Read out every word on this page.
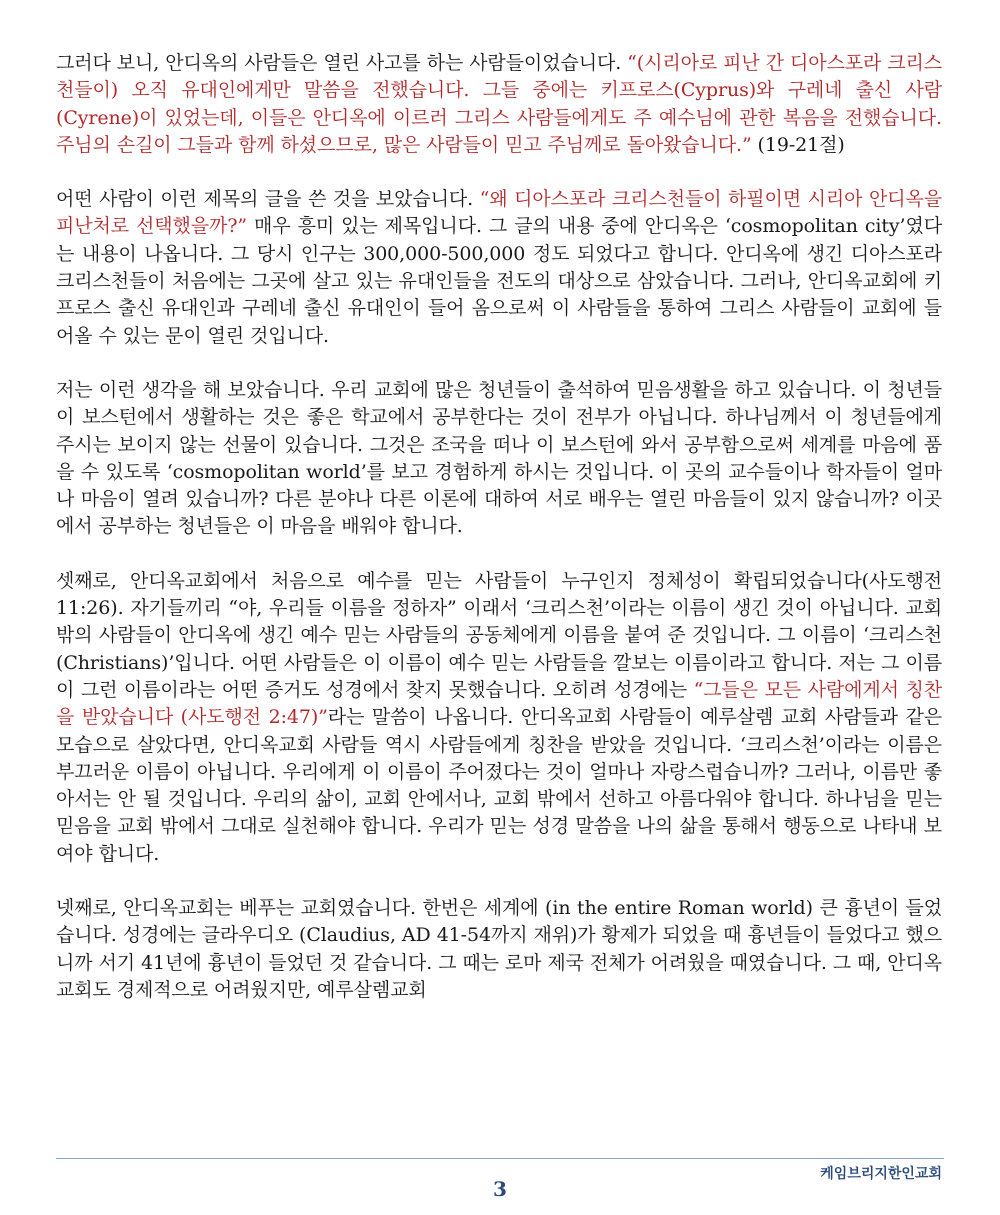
그러다 보니, 안디옥의 사람들은 열린 사고를 하는 사람들이었습니다. “(시리아로 피난 간 디아스포라 크리스천들이) 오직 유대인에게만 말씀을 전했습니다. 그들 중에는 키프로스(Cyprus)와 구레네 출신 사람 (Cyrene)이 있었는데, 이들은 안디옥에 이르러 그리스 사람들에게도 주 예수님에 관한 복음을 전했습니다. 주님의 손길이 그들과 함께 하셨으므로, 많은 사람들이 믿고 주님께로 돌아왔습니다.” (19-21절)

어떤 사람이 이런 제목의 글을 쓴 것을 보았습니다. “왜 디아스포라 크리스천들이 하필이면 시리아 안디옥을 피난처로 선택했을까?” 매우 흥미 있는 제목입니다. 그 글의 내용 중에 안디옥은 ‘cosmopolitan city’였다는 내용이 나옵니다. 그 당시 인구는 300,000-500,000 정도 되었다고 합니다. 안디옥에 생긴 디아스포라 크리스천들이 처음에는 그곳에 살고 있는 유대인들을 전도의 대상으로 삼았습니다. 그러나, 안디옥교회에 키프로스 출신 유대인과 구레네 출신 유대인이 들어 옴으로써 이 사람들을 통하여 그리스 사람들이 교회에 들어올 수 있는 문이 열린 것입니다.

저는 이런 생각을 해 보았습니다. 우리 교회에 많은 청년들이 출석하여 믿음생활을 하고 있습니다. 이 청년들이 보스턴에서 생활하는 것은 좋은 학교에서 공부한다는 것이 전부가 아닙니다. 하나님께서 이 청년들에게 주시는 보이지 않는 선물이 있습니다. 그것은 조국을 떠나 이 보스턴에 와서 공부함으로써 세계를 마음에 품을 수 있도록 ‘cosmopolitan world’를 보고 경험하게 하시는 것입니다. 이 곳의 교수들이나 학자들이 얼마나 마음이 열려 있습니까? 다른 분야나 다른 이론에 대하여 서로 배우는 열린 마음들이 있지 않습니까? 이곳에서 공부하는 청년들은 이 마음을 배워야 합니다.

셋째로, 안디옥교회에서 처음으로 예수를 믿는 사람들이 누구인지 정체성이 확립되었습니다(사도행전 11:26). 자기들끼리 “야, 우리들 이름을 정하자” 이래서 ‘크리스천’이라는 이름이 생긴 것이 아닙니다. 교회 밖의 사람들이 안디옥에 생긴 예수 믿는 사람들의 공동체에게 이름을 붙여 준 것입니다. 그 이름이 ‘크리스천 (Christians)’입니다. 어떤 사람들은 이 이름이 예수 믿는 사람들을 깔보는 이름이라고 합니다. 저는 그 이름이 그런 이름이라는 어떤 증거도 성경에서 찾지 못했습니다. 오히려 성경에는 “그들은 모든 사람에게서 칭찬을 받았습니다 (사도행전 2:47)”라는 말씀이 나옵니다. 안디옥교회 사람들이 예루살렘 교회 사람들과 같은 모습으로 살았다면, 안디옥교회 사람들 역시 사람들에게 칭찬을 받았을 것입니다. ‘크리스천’이라는 이름은 부끄러운 이름이 아닙니다. 우리에게 이 이름이 주어졌다는 것이 얼마나 자랑스럽습니까? 그러나, 이름만 좋아서는 안 될 것입니다. 우리의 삶이, 교회 안에서나, 교회 밖에서 선하고 아름다워야 합니다. 하나님을 믿는 믿음을 교회 밖에서 그대로 실천해야 합니다. 우리가 믿는 성경 말씀을 나의 삶을 통해서 행동으로 나타내 보여야 합니다.

넷째로, 안디옥교회는 베푸는 교회였습니다. 한번은 세계에 (in the entire Roman world) 큰 흉년이 들었습니다. 성경에는 글라우디오 (Claudius, AD 41-54까지 재위)가 황제가 되었을 때 흉년들이 들었다고 했으니까 서기 41년에 흉년이 들었던 것 같습니다. 그 때는 로마 제국 전체가 어려웠을 때였습니다. 그 때, 안디옥교회도 경제적으로 어려웠지만, 예루살렘교회

케임브리지한인교회
3
